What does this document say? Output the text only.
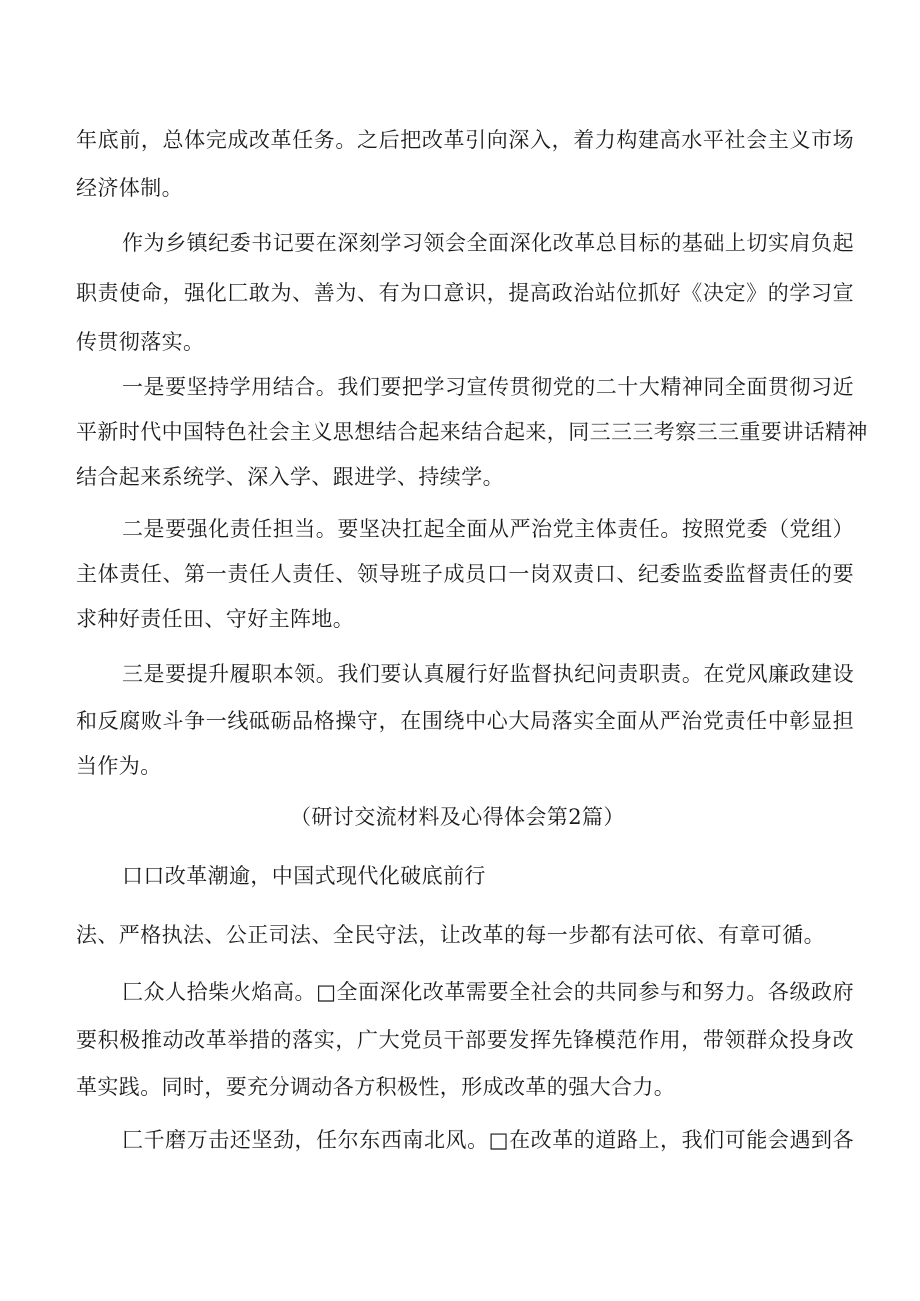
年底前，总体完成改革任务。之后把改革引向深入，着力构建高水平社会主义市场
经济体制。
作为乡镇纪委书记要在深刻学习领会全面深化改革总目标的基础上切实肩负起
职责使命，强化匚敢为、善为、有为口意识，提高政治站位抓好《决定》的学习宣
传贯彻落实。
一是要坚持学用结合。我们要把学习宣传贯彻党的二十大精神同全面贯彻习近
平新时代中国特色社会主义思想结合起来结合起来，同三三三考察三三重要讲话精神
结合起来系统学、深入学、跟进学、持续学。
二是要强化责任担当。要坚决扛起全面从严治党主体责任。按照党委（党组）
主体责任、第一责任人责任、领导班子成员口一岗双责口、纪委监委监督责任的要
求种好责任田、守好主阵地。
三是要提升履职本领。我们要认真履行好监督执纪问责职责。在党风廉政建设
和反腐败斗争一线砥砺品格操守，在围绕中心大局落实全面从严治党责任中彰显担
当作为。
（研讨交流材料及心得体会第2篇）
口口改革潮逾，中国式现代化破底前行
法、严格执法、公正司法、全民守法，让改革的每一步都有法可依、有章可循。
匚众人拾柴火焰高。□全面深化改革需要全社会的共同参与和努力。各级政府
要积极推动改革举措的落实，广大党员干部要发挥先锋模范作用，带领群众投身改
革实践。同时，要充分调动各方积极性，形成改革的强大合力。
匚千磨万击还坚劲，任尔东西南北风。□在改革的道路上，我们可能会遇到各
